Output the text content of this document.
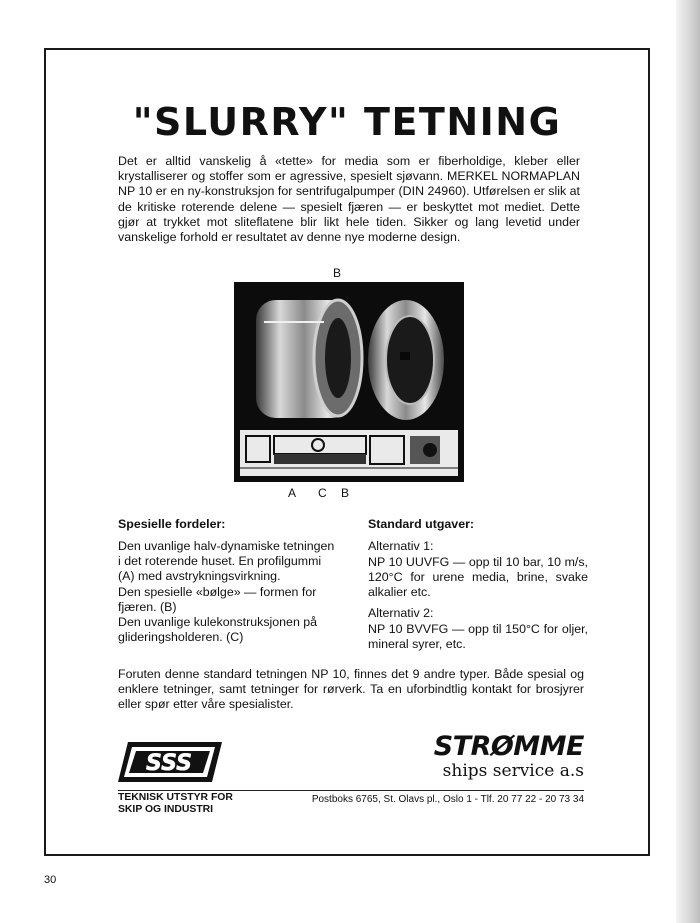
"SLURRY" TETNING

Det er alltid vanskelig å «tette» for media som er fiberholdige, kleber eller krystalliserer og stoffer som er agressive, spesielt sjøvann. MERKEL NORMAPLAN NP 10 er en ny-konstruksjon for sentrifugalpumper (DIN 24960). Utførelsen er slik at de kritiske roterende delene — spesielt fjæren — er beskyttet mot mediet. Dette gjør at trykket mot sliteflatene blir likt hele tiden. Sikker og lang levetid under vanskelige forhold er resultatet av denne nye moderne design.

B
A C B
Spesielle fordeler:

Den uvanlige halv-dynamiske tetningen i det roterende huset. En profilgummi (A) med avstrykningsvirkning.
Den spesielle «bølge» — formen for fjæren. (B)
Den uvanlige kulekonstruksjonen på glideringsholderen. (C)

Standard utgaver:

Alternativ 1:

NP 10 UUVFG — opp til 10 bar, 10 m/s, 120°C for urene media, brine, svake alkalier etc.

Alternativ 2:

NP 10 BVVFG — opp til 150°C for oljer, mineral syrer, etc.

Foruten denne standard tetningen NP 10, finnes det 9 andre typer. Både spesial og enklere tetninger, samt tetninger for rørverk. Ta en uforbindtlig kontakt for brosjyrer eller spør etter våre spesialister.

SSS

TEKNISK UTSTYR FOR
SKIP OG INDUSTRI

STRØMME
ships service a.s
Postboks 6765, St. Olavs pl., Oslo 1 - Tlf. 20 77 22 - 20 73 34
30
